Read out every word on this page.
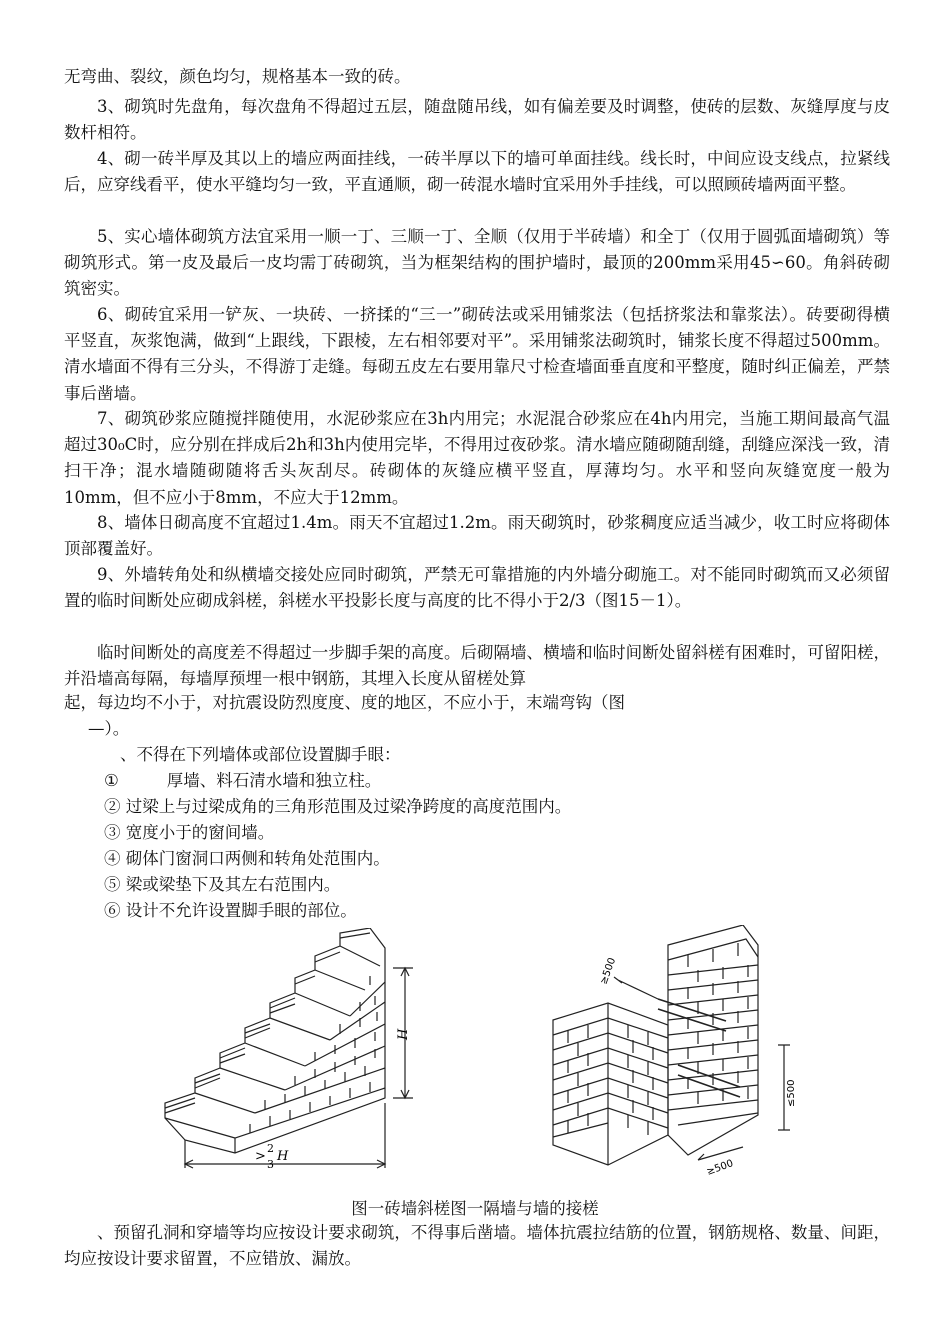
无弯曲、裂纹，颜色均匀，规格基本一致的砖。
3、砌筑时先盘角，每次盘角不得超过五层，随盘随吊线，如有偏差要及时调整，使砖的层数、灰缝厚度与皮数杆相符。
4、砌一砖半厚及其以上的墙应两面挂线，一砖半厚以下的墙可单面挂线。线长时，中间应设支线点，拉紧线后，应穿线看平，使水平缝均匀一致，平直通顺，砌一砖混水墙时宜采用外手挂线，可以照顾砖墙两面平整。
5、实心墙体砌筑方法宜采用一顺一丁、三顺一丁、全顺（仅用于半砖墙）和全丁（仅用于圆弧面墙砌筑）等砌筑形式。第一皮及最后一皮均需丁砖砌筑，当为框架结构的围护墙时，最顶的200mm采用45∽60。角斜砖砌筑密实。
6、砌砖宜采用一铲灰、一块砖、一挤揉的“三一”砌砖法或采用铺浆法（包括挤浆法和靠浆法）。砖要砌得横平竖直，灰浆饱满，做到“上跟线，下跟棱，左右相邻要对平”。采用铺浆法砌筑时，铺浆长度不得超过500mm。清水墙面不得有三分头，不得游丁走缝。每砌五皮左右要用靠尺寸检查墙面垂直度和平整度，随时纠正偏差，严禁事后凿墙。
7、砌筑砂浆应随搅拌随使用，水泥砂浆应在3h内用完；水泥混合砂浆应在4h内用完，当施工期间最高气温超过30₀C时，应分别在拌成后2h和3h内使用完毕，不得用过夜砂浆。清水墙应随砌随刮缝，刮缝应深浅一致，清扫干净；混水墙随砌随将舌头灰刮尽。砖砌体的灰缝应横平竖直，厚薄均匀。水平和竖向灰缝宽度一般为10mm，但不应小于8mm，不应大于12mm。
8、墙体日砌高度不宜超过1.4m。雨天不宜超过1.2m。雨天砌筑时，砂浆稠度应适当减少，收工时应将砌体顶部覆盖好。
9、外墙转角处和纵横墙交接处应同时砌筑，严禁无可靠措施的内外墙分砌施工。对不能同时砌筑而又必须留置的临时间断处应砌成斜槎，斜槎水平投影长度与高度的比不得小于2/3（图15－1）。
临时间断处的高度差不得超过一步脚手架的高度。后砌隔墙、横墙和临时间断处留斜槎有困难时，可留阳槎，并沿墙高每隔，每墙厚预埋一根中钢筋，其埋入长度从留槎处算
起，每边均不小于，对抗震设防烈度度、度的地区，不应小于，末端弯钩（图
—）。
、不得在下列墙体或部位设置脚手眼：
①	厚墙、料石清水墙和独立柱。
② 过梁上与过梁成角的三角形范围及过梁净跨度的高度范围内。
③ 宽度小于的窗间墙。
④ 砌体门窗洞口两侧和转角处范围内。
⑤ 梁或梁垫下及其左右范围内。
⑥ 设计不允许设置脚手眼的部位。
H
>
2
3
H
≥500
≤500
≥500
图一砖墙斜槎图一隔墙与墙的接槎
、预留孔洞和穿墙等均应按设计要求砌筑，不得事后凿墙。墙体抗震拉结筋的位置，钢筋规格、数量、间距，均应按设计要求留置，不应错放、漏放。
